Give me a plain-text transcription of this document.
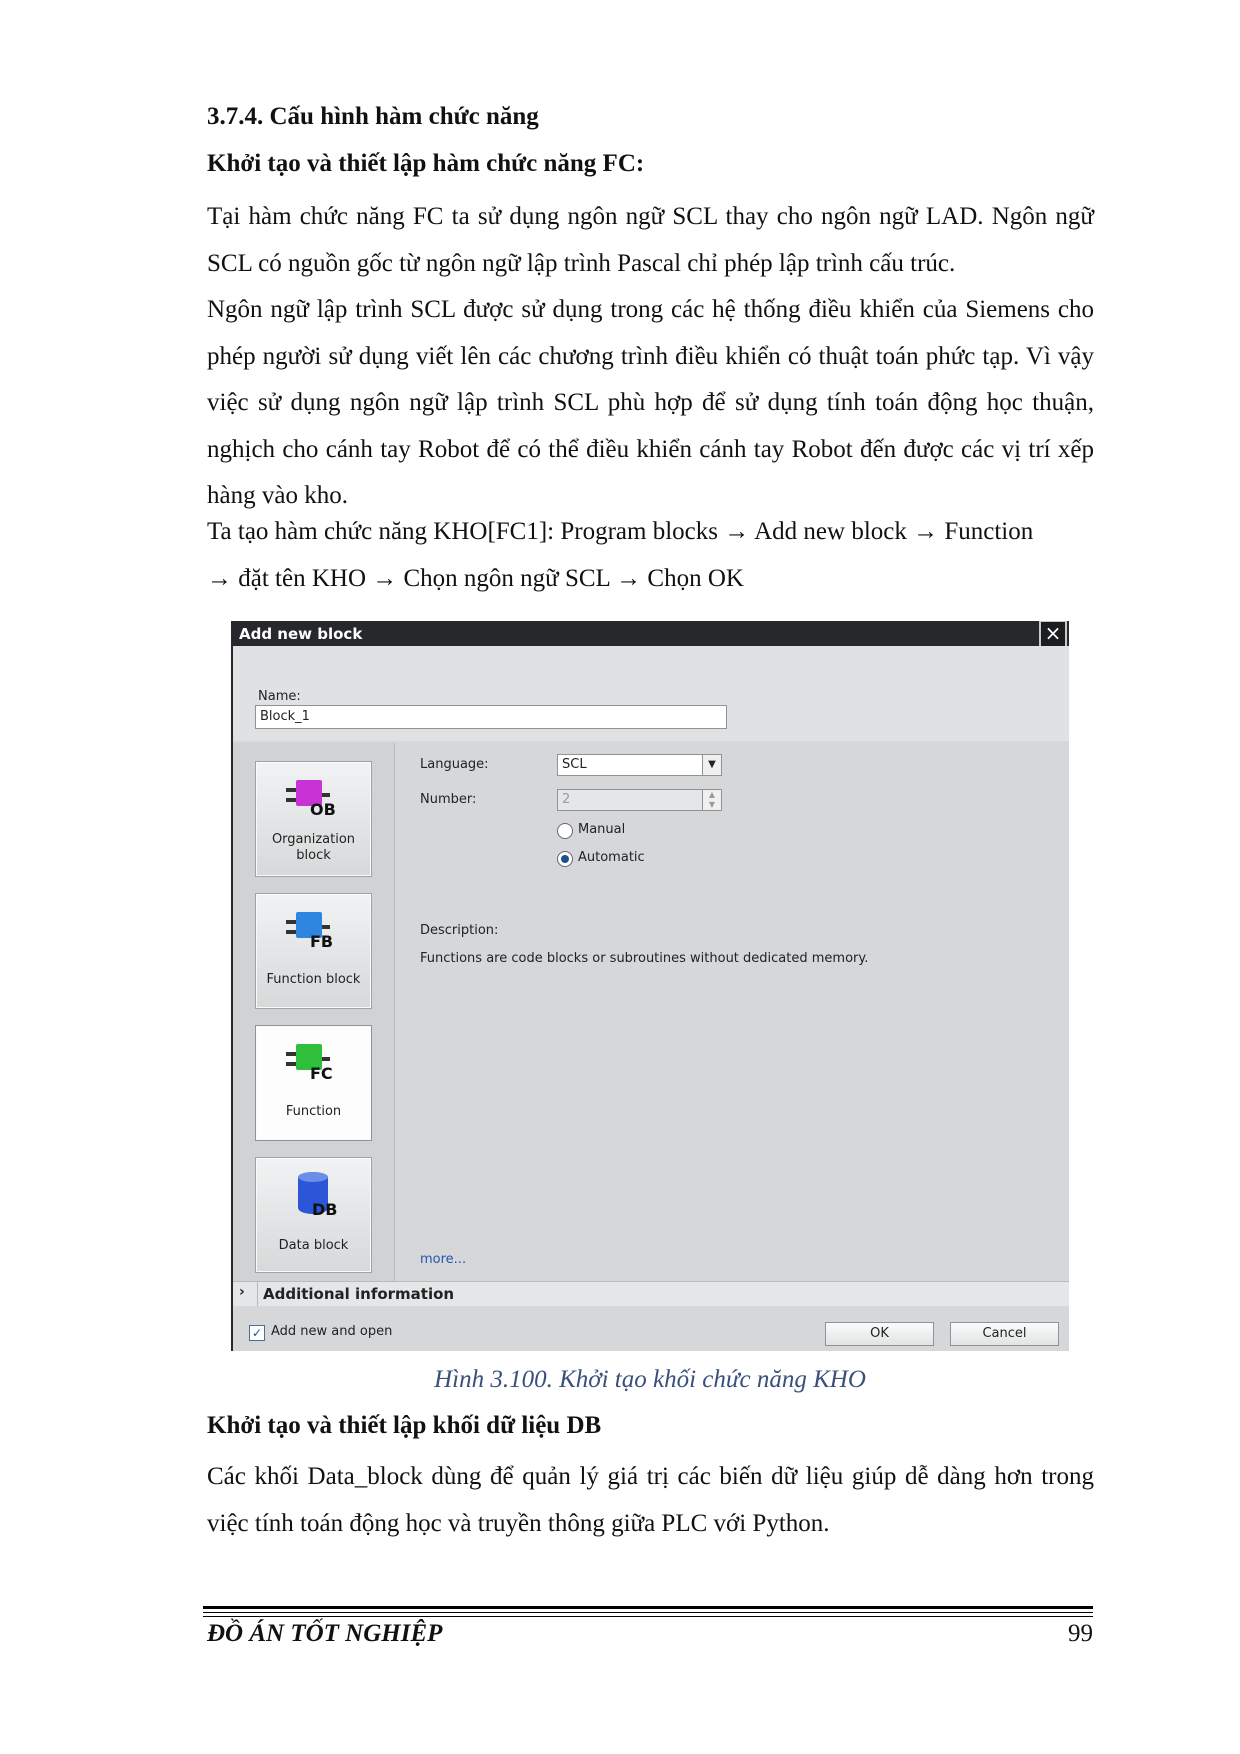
3.7.4. Cấu hình hàm chức năng
Khởi tạo và thiết lập hàm chức năng FC:
Tại hàm chức năng FC ta sử dụng ngôn ngữ SCL thay cho ngôn ngữ LAD. Ngôn ngữ SCL có nguồn gốc từ ngôn ngữ lập trình Pascal chỉ phép lập trình cấu trúc.
Ngôn ngữ lập trình SCL được sử dụng trong các hệ thống điều khiển của Siemens cho phép người sử dụng viết lên các chương trình điều khiển có thuật toán phức tạp. Vì vậy việc sử dụng ngôn ngữ lập trình SCL phù hợp để sử dụng tính toán động học thuận, nghịch cho cánh tay Robot để có thể điều khiển cánh tay Robot đến được các vị trí xếp hàng vào kho.
Ta tạo hàm chức năng KHO[FC1]: Program blocks → Add new block → Function
→ đặt tên KHO → Chọn ngôn ngữ SCL → Chọn OK
Add new block	×
Name:
Block_1
OB
Organization block
FB
Function block
FC
Function
DB
Data block
Language:	SCL	▼
Number:	2	▲
▼
Manual
Automatic
Description:
Functions are code blocks or subroutines without dedicated memory.
more...
› Additional information
✓ Add new and open	OK	Cancel
Hình 3.100. Khởi tạo khối chức năng KHO
Khởi tạo và thiết lập khối dữ liệu DB
Các khối Data_block dùng để quản lý giá trị các biến dữ liệu giúp dễ dàng hơn trong việc tính toán động học và truyền thông giữa PLC với Python.
ĐỒ ÁN TỐT NGHIỆP	99
